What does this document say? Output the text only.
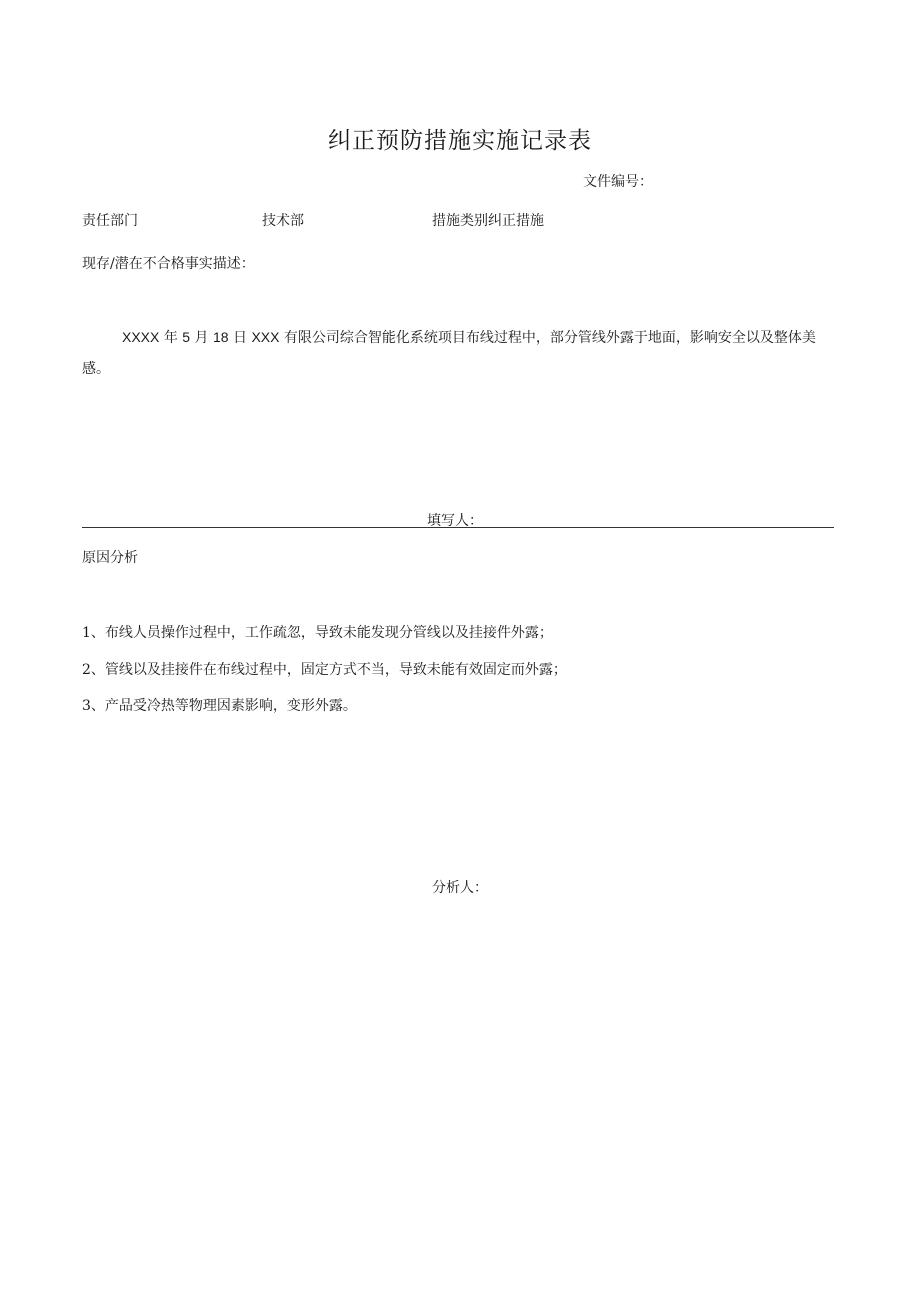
纠正预防措施实施记录表
文件编号：
责任部门	技术部	措施类别纠正措施
现存/潜在不合格事实描述：
XXXX 年 5 月 18 日 XXX 有限公司综合智能化系统项目布线过程中，部分管线外露于地面，影响安全以及整体美感。
填写人：
原因分析
1、布线人员操作过程中，工作疏忽，导致未能发现分管线以及挂接件外露；
2、管线以及挂接件在布线过程中，固定方式不当，导致未能有效固定而外露；
3、产品受冷热等物理因素影响，变形外露。
分析人：
